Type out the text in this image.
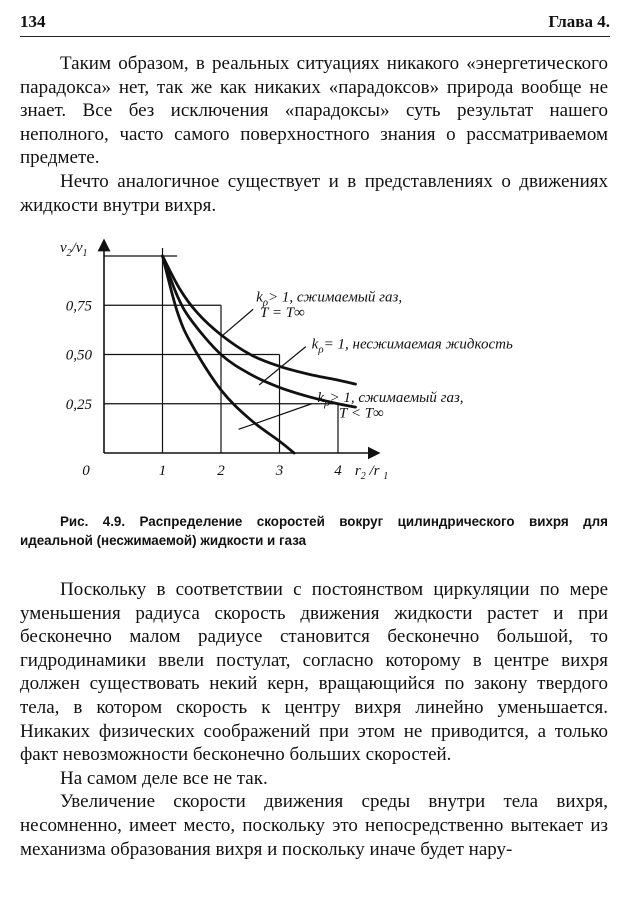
134	Глава 4.

Таким образом, в реальных ситуациях никакого «энергетического парадокса» нет, так же как никаких «парадоксов» природа вообще не знает. Все без исключения «парадоксы» суть результат нашего неполного, часто самого поверхностного знания о рассматриваемом предмете.

Нечто аналогичное существует и в представлениях о движениях жидкости внутри вихря.

0,25
0,50
0,75
1	2	3	4
0
$v_2/v_1$
$r_2$ /r $_1$
$k_\rho> 1$, сжимаемый газ,
T = T∞
$k_\rho= 1$, несжимаемая жидкость
$k_\rho> 1$, сжимаемый газ,
T < T∞
Рис. 4.9. Распределение скоростей вокруг цилиндрического вихря для идеальной (несжимаемой) жидкости и газа

Поскольку в соответствии с постоянством циркуляции по мере уменьшения радиуса скорость движения жидкости растет и при бесконечно малом радиусе становится бесконечно большой, то гидродинамики ввели постулат, согласно которому в центре вихря должен существовать некий керн, вращающийся по закону твердого тела, в котором скорость к центру вихря линейно уменьшается. Никаких физических соображений при этом не приводится, а только факт невозможности бесконечно больших скоростей.

На самом деле все не так.

Увеличение скорости движения среды внутри тела вихря, несомненно, имеет место, поскольку это непосредственно вытекает из механизма образования вихря и поскольку иначе будет нару-
